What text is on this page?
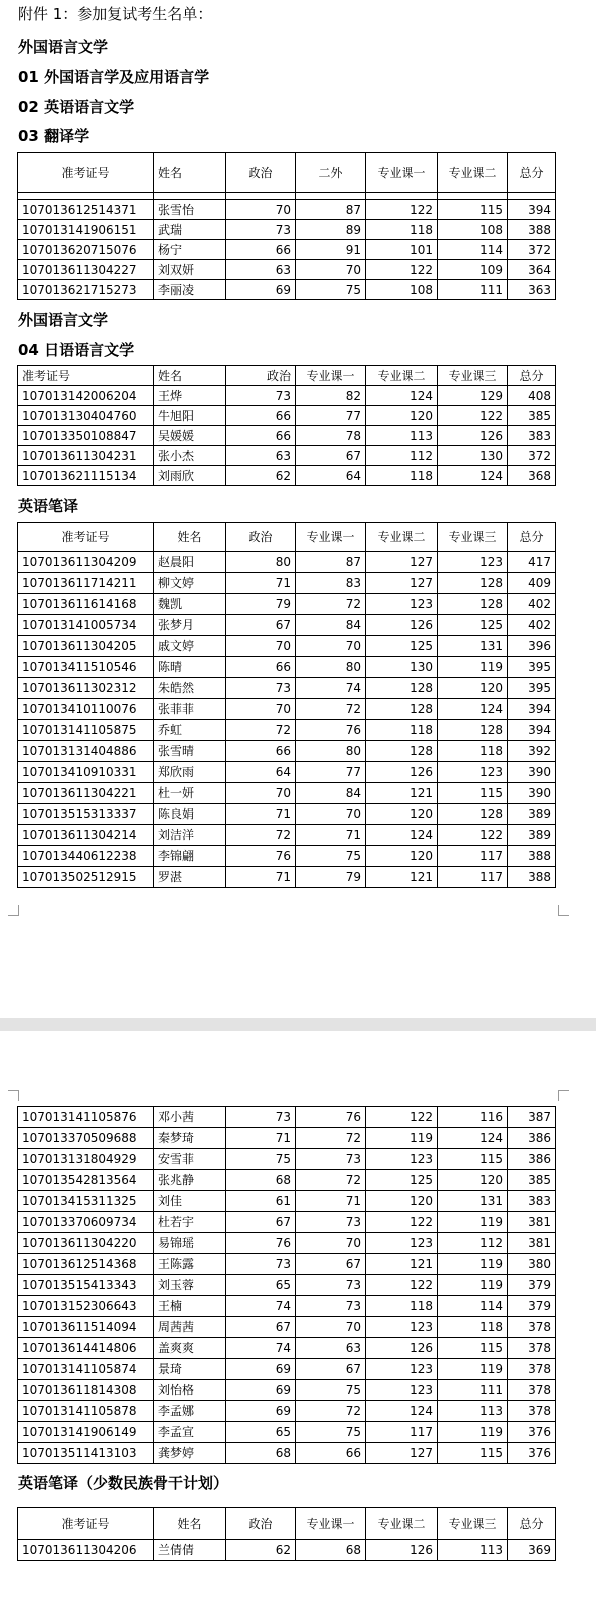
附件 1：参加复试考生名单：
外国语言文学
01 外国语言学及应用语言学
02 英语语言文学
03 翻译学
准考证号	姓名	政治	二外	专业课一	专业课二	总分

107013612514371	张雪怡	70	87	122	115	394
107013141906151	武瑞	73	89	118	108	388
107013620715076	杨宁	66	91	101	114	372
107013611304227	刘双妍	63	70	122	109	364
107013621715273	李丽凌	69	75	108	111	363
外国语言文学
04 日语语言文学
准考证号	姓名	政治	专业课一	专业课二	专业课三	总分
107013142006204	王烨	73	82	124	129	408
107013130404760	牛旭阳	66	77	120	122	385
107013350108847	吴媛媛	66	78	113	126	383
107013611304231	张小杰	63	67	112	130	372
107013621115134	刘雨欣	62	64	118	124	368
英语笔译
准考证号	姓名	政治	专业课一	专业课二	专业课三	总分
107013611304209	赵晨阳	80	87	127	123	417
107013611714211	柳文婷	71	83	127	128	409
107013611614168	魏凯	79	72	123	128	402
107013141005734	张梦月	67	84	126	125	402
107013611304205	戚文婷	70	70	125	131	396
107013411510546	陈晴	66	80	130	119	395
107013611302312	朱皓然	73	74	128	120	395
107013410110076	张菲菲	70	72	128	124	394
107013141105875	乔虹	72	76	118	128	394
107013131404886	张雪晴	66	80	128	118	392
107013410910331	郑欣雨	64	77	126	123	390
107013611304221	杜一妍	70	84	121	115	390
107013515313337	陈良娟	71	70	120	128	389
107013611304214	刘洁洋	72	71	124	122	389
107013440612238	李锦翩	76	75	120	117	388
107013502512915	罗湛	71	79	121	117	388
107013141105876	邓小茜	73	76	122	116	387
107013370509688	秦梦琦	71	72	119	124	386
107013131804929	安雪菲	75	73	123	115	386
107013542813564	张兆静	68	72	125	120	385
107013415311325	刘佳	61	71	120	131	383
107013370609734	杜若宇	67	73	122	119	381
107013611304220	易锦瑶	76	70	123	112	381
107013612514368	王陈露	73	67	121	119	380
107013515413343	刘玉蓉	65	73	122	119	379
107013152306643	王楠	74	73	118	114	379
107013611514094	周茜茜	67	70	123	118	378
107013614414806	盖爽爽	74	63	126	115	378
107013141105874	景琦	69	67	123	119	378
107013611814308	刘怡格	69	75	123	111	378
107013141105878	李孟娜	69	72	124	113	378
107013141906149	李孟宣	65	75	117	119	376
107013511413103	龚梦婷	68	66	127	115	376
英语笔译（少数民族骨干计划）
准考证号	姓名	政治	专业课一	专业课二	专业课三	总分
107013611304206	兰倩倩	62	68	126	113	369
